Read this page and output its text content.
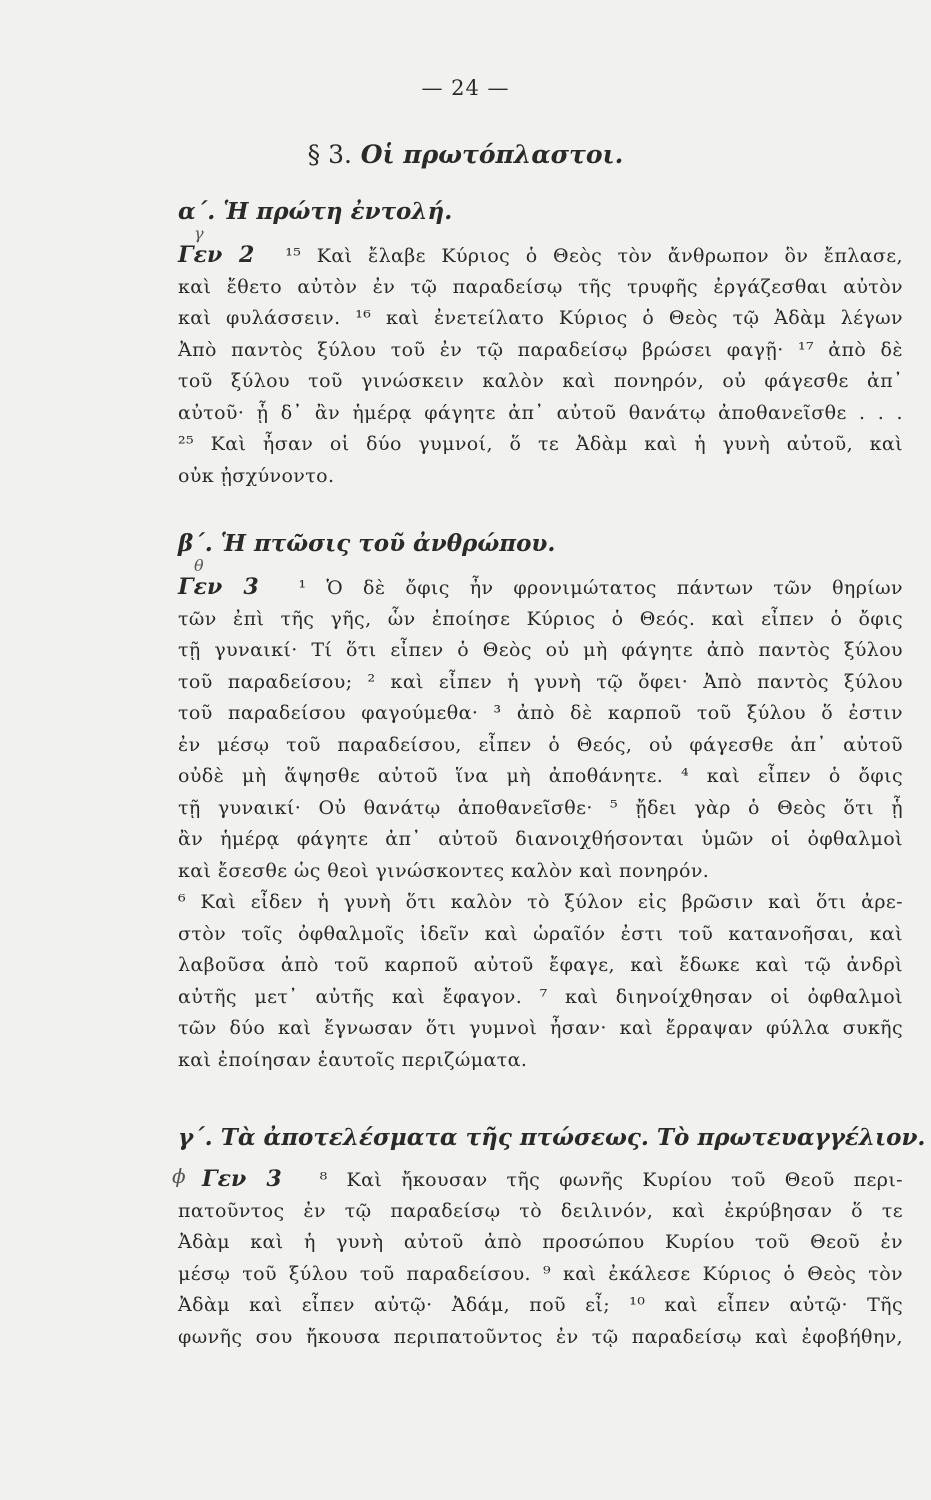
— 24 —
§ 3. Οἱ πρωτόπλαστοι.
α΄. Ἡ πρώτη ἐντολή.
γ
Γεν 2 ¹⁵ Καὶ ἔλαβε Κύριος ὁ Θεὸς τὸν ἄνθρωπον ὃν ἔπλασε,
καὶ ἔθετο αὐτὸν ἐν τῷ παραδείσῳ τῆς τρυφῆς ἐργάζεσθαι αὐτὸν
καὶ φυλάσσειν. ¹⁶ καὶ ἐνετείλατο Κύριος ὁ Θεὸς τῷ Ἀδὰμ λέγων
Ἀπὸ παντὸς ξύλου τοῦ ἐν τῷ παραδείσῳ βρώσει φαγῇ· ¹⁷ ἀπὸ δὲ
τοῦ ξύλου τοῦ γινώσκειν καλὸν καὶ πονηρόν, οὐ φάγεσθε ἀπ᾽
αὐτοῦ· ᾗ δ᾽ ἂν ἡμέρᾳ φάγητε ἀπ᾽ αὐτοῦ θανάτῳ ἀποθανεῖσθε . . .
²⁵ Καὶ ἦσαν οἱ δύο γυμνοί, ὅ τε Ἀδὰμ καὶ ἡ γυνὴ αὐτοῦ, καὶ
οὐκ ᾐσχύνοντο.
β΄. Ἡ πτῶσις τοῦ ἀνθρώπου.
θ
Γεν 3 ¹ Ὁ δὲ ὄφις ἦν φρονιμώτατος πάντων τῶν θηρίων
τῶν ἐπὶ τῆς γῆς, ὧν ἐποίησε Κύριος ὁ Θεός. καὶ εἶπεν ὁ ὄφις
τῇ γυναικί· Τί ὅτι εἶπεν ὁ Θεὸς οὐ μὴ φάγητε ἀπὸ παντὸς ξύλου
τοῦ παραδείσου; ² καὶ εἶπεν ἡ γυνὴ τῷ ὄφει· Ἀπὸ παντὸς ξύλου
τοῦ παραδείσου φαγούμεθα· ³ ἀπὸ δὲ καρποῦ τοῦ ξύλου ὅ ἐστιν
ἐν μέσῳ τοῦ παραδείσου, εἶπεν ὁ Θεός, οὐ φάγεσθε ἀπ᾽ αὐτοῦ
οὐδὲ μὴ ἅψησθε αὐτοῦ ἵνα μὴ ἀποθάνητε. ⁴ καὶ εἶπεν ὁ ὄφις
τῇ γυναικί· Οὐ θανάτῳ ἀποθανεῖσθε· ⁵ ᾔδει γὰρ ὁ Θεὸς ὅτι ᾗ
ἂν ἡμέρᾳ φάγητε ἀπ᾽ αὐτοῦ διανοιχθήσονται ὑμῶν οἱ ὀφθαλμοὶ
καὶ ἔσεσθε ὡς θεοὶ γινώσκοντες καλὸν καὶ πονηρόν.
⁶ Καὶ εἶδεν ἡ γυνὴ ὅτι καλὸν τὸ ξύλον εἰς βρῶσιν καὶ ὅτι ἀρε-
στὸν τοῖς ὀφθαλμοῖς ἰδεῖν καὶ ὡραῖόν ἐστι τοῦ κατανοῆσαι, καὶ
λαβοῦσα ἀπὸ τοῦ καρποῦ αὐτοῦ ἔφαγε, καὶ ἔδωκε καὶ τῷ ἀνδρὶ
αὐτῆς μετ᾽ αὐτῆς καὶ ἔφαγον. ⁷ καὶ διηνοίχθησαν οἱ ὀφθαλμοὶ
τῶν δύο καὶ ἔγνωσαν ὅτι γυμνοὶ ἦσαν· καὶ ἔρραψαν φύλλα συκῆς
καὶ ἐποίησαν ἑαυτοῖς περιζώματα.
γ΄. Τὰ ἀποτελέσματα τῆς πτώσεως. Τὸ πρωτευαγγέλιον.
ϕ Γεν 3 ⁸ Καὶ ἤκουσαν τῆς φωνῆς Κυρίου τοῦ Θεοῦ περι-
πατοῦντος ἐν τῷ παραδείσῳ τὸ δειλινόν, καὶ ἐκρύβησαν ὅ τε
Ἀδὰμ καὶ ἡ γυνὴ αὐτοῦ ἀπὸ προσώπου Κυρίου τοῦ Θεοῦ ἐν
μέσῳ τοῦ ξύλου τοῦ παραδείσου. ⁹ καὶ ἐκάλεσε Κύριος ὁ Θεὸς τὸν
Ἀδὰμ καὶ εἶπεν αὐτῷ· Ἀδάμ, ποῦ εἶ; ¹⁰ καὶ εἶπεν αὐτῷ· Τῆς
φωνῆς σου ἤκουσα περιπατοῦντος ἐν τῷ παραδείσῳ καὶ ἐφοβήθην,
